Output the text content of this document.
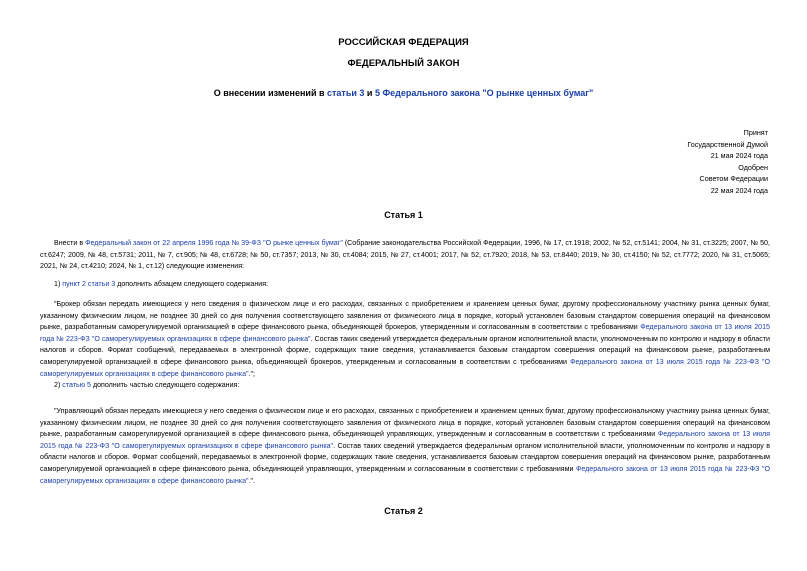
РОССИЙСКАЯ ФЕДЕРАЦИЯ
ФЕДЕРАЛЬНЫЙ ЗАКОН
О внесении изменений в статьи 3 и 5 Федерального закона "О рынке ценных бумаг"
Принят
Государственной Думой
21 мая 2024 года
Одобрен
Советом Федерации
22 мая 2024 года
Статья 1
Внести в Федеральный закон от 22 апреля 1996 года № 39-ФЗ "О рынке ценных бумаг" (Собрание законодательства Российской Федерации, 1996, № 17, ст.1918; 2002, № 52, ст.5141; 2004, № 31, ст.3225; 2007, № 50, ст.6247; 2009, № 48, ст.5731; 2011, № 7, ст.905; № 48, ст.6728; № 50, ст.7357; 2013, № 30, ст.4084; 2015, № 27, ст.4001; 2017, № 52, ст.7920; 2018, № 53, ст.8440; 2019, № 30, ст.4150; № 52, ст.7772; 2020, № 31, ст.5065; 2021, № 24, ст.4210; 2024, № 1, ст.12) следующие изменения:
1) пункт 2 статьи 3 дополнить абзацем следующего содержания:
"Брокер обязан передать имеющиеся у него сведения о физическом лице и его расходах, связанных с приобретением и хранением ценных бумаг, другому профессиональному участнику рынка ценных бумаг, указанному физическим лицом, не позднее 30 дней со дня получения соответствующего заявления от физического лица в порядке, который установлен базовым стандартом совершения операций на финансовом рынке, разработанным саморегулируемой организацией в сфере финансового рынка, объединяющей брокеров, утвержденным и согласованным в соответствии с требованиями Федерального закона от 13 июля 2015 года № 223-ФЗ "О саморегулируемых организациях в сфере финансового рынка". Состав таких сведений утверждается федеральным органом исполнительной власти, уполномоченным по контролю и надзору в области налогов и сборов. Формат сообщений, передаваемых в электронной форме, содержащих такие сведения, устанавливается базовым стандартом совершения операций на финансовом рынке, разработанным саморегулируемой организацией в сфере финансового рынка, объединяющей брокеров, утвержденным и согласованным в соответствии с требованиями Федерального закона от 13 июля 2015 года № 223-ФЗ "О саморегулируемых организациях в сфере финансового рынка".";
2) статью 5 дополнить частью следующего содержания:
"Управляющий обязан передать имеющиеся у него сведения о физическом лице и его расходах, связанных с приобретением и хранением ценных бумаг, другому профессиональному участнику рынка ценных бумаг, указанному физическим лицом, не позднее 30 дней со дня получения соответствующего заявления от физического лица в порядке, который установлен базовым стандартом совершения операций на финансовом рынке, разработанным саморегулируемой организацией в сфере финансового рынка, объединяющей управляющих, утвержденным и согласованным в соответствии с требованиями Федерального закона от 13 июля 2015 года № 223-ФЗ "О саморегулируемых организациях в сфере финансового рынка". Состав таких сведений утверждается федеральным органом исполнительной власти, уполномоченным по контролю и надзору в области налогов и сборов. Формат сообщений, передаваемых в электронной форме, содержащих такие сведения, устанавливается базовым стандартом совершения операций на финансовом рынке, разработанным саморегулируемой организацией в сфере финансового рынка, объединяющей управляющих, утвержденным и согласованным в соответствии с требованиями Федерального закона от 13 июля 2015 года № 223-ФЗ "О саморегулируемых организациях в сфере финансового рынка".".
Статья 2
